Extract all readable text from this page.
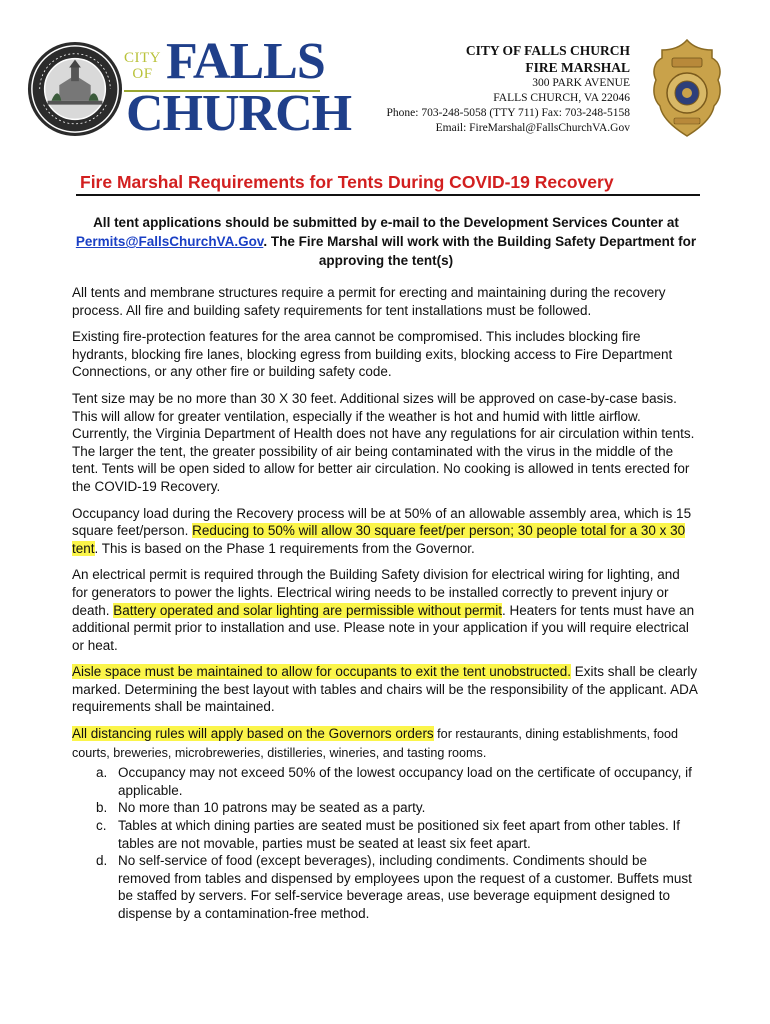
CITY
OF FALLS
CHURCH
CITY OF FALLS CHURCH
FIRE MARSHAL
300 PARK AVENUE
FALLS CHURCH, VA 22046
Phone: 703-248-5058 (TTY 711) Fax: 703-248-5158
Email: FireMarshal@FallsChurchVA.Gov
Fire Marshal Requirements for Tents During COVID-19 Recovery
All tent applications should be submitted by e-mail to the Development Services Counter at Permits@FallsChurchVA.Gov. The Fire Marshal will work with the Building Safety Department for approving the tent(s)

All tents and membrane structures require a permit for erecting and maintaining during the recovery process. All fire and building safety requirements for tent installations must be followed.

Existing fire-protection features for the area cannot be compromised. This includes blocking fire hydrants, blocking fire lanes, blocking egress from building exits, blocking access to Fire Department Connections, or any other fire or building safety code.

Tent size may be no more than 30 X 30 feet. Additional sizes will be approved on case-by-case basis. This will allow for greater ventilation, especially if the weather is hot and humid with little airflow. Currently, the Virginia Department of Health does not have any regulations for air circulation within tents. The larger the tent, the greater possibility of air being contaminated with the virus in the middle of the tent. Tents will be open sided to allow for better air circulation. No cooking is allowed in tents erected for the COVID-19 Recovery.

Occupancy load during the Recovery process will be at 50% of an allowable assembly area, which is 15 square feet/person. Reducing to 50% will allow 30 square feet/per person; 30 people total for a 30 x 30 tent. This is based on the Phase 1 requirements from the Governor.

An electrical permit is required through the Building Safety division for electrical wiring for lighting, and for generators to power the lights. Electrical wiring needs to be installed correctly to prevent injury or death. Battery operated and solar lighting are permissible without permit. Heaters for tents must have an additional permit prior to installation and use. Please note in your application if you will require electrical or heat.

Aisle space must be maintained to allow for occupants to exit the tent unobstructed. Exits shall be clearly marked. Determining the best layout with tables and chairs will be the responsibility of the applicant. ADA requirements shall be maintained.

All distancing rules will apply based on the Governors orders for restaurants, dining establishments, food courts, breweries, microbreweries, distilleries, wineries, and tasting rooms.

a. Occupancy may not exceed 50% of the lowest occupancy load on the certificate of occupancy, if applicable.
b. No more than 10 patrons may be seated as a party.
c. Tables at which dining parties are seated must be positioned six feet apart from other tables. If tables are not movable, parties must be seated at least six feet apart.
d. No self-service of food (except beverages), including condiments. Condiments should be removed from tables and dispensed by employees upon the request of a customer. Buffets must be staffed by servers. For self-service beverage areas, use beverage equipment designed to dispense by a contamination-free method.
